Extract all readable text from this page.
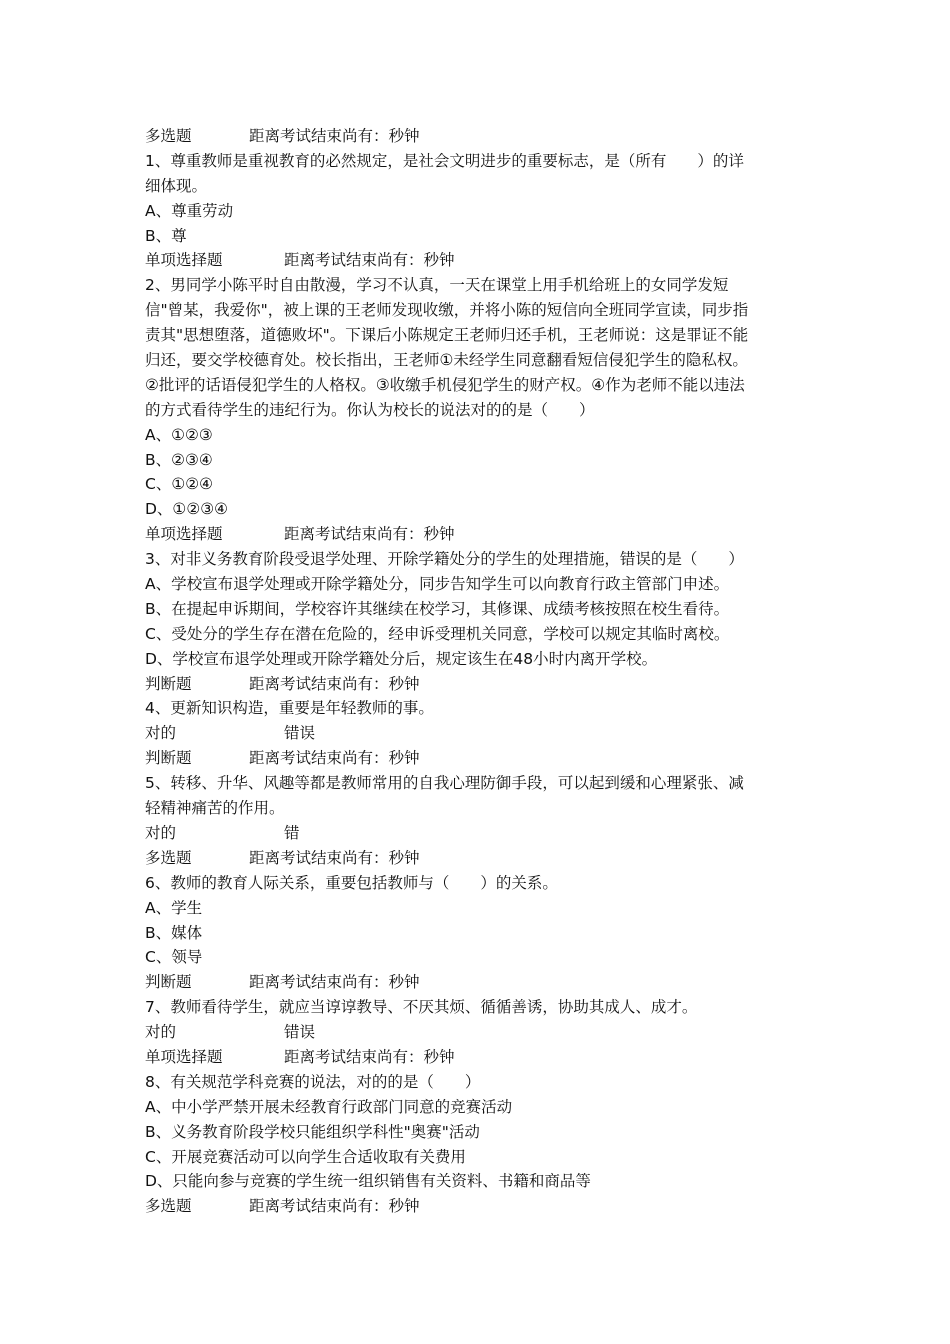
多选题	距离考试结束尚有：秒钟
1、尊重教师是重视教育的必然规定，是社会文明进步的重要标志，是（所有　　）的详
细体现。
A、尊重劳动
B、尊
单项选择题	距离考试结束尚有：秒钟
2、男同学小陈平时自由散漫，学习不认真，一天在课堂上用手机给班上的女同学发短
信"曾某，我爱你"，被上课的王老师发现收缴，并将小陈的短信向全班同学宣读，同步指
责其"思想堕落，道德败坏"。下课后小陈规定王老师归还手机，王老师说：这是罪证不能
归还，要交学校德育处。校长指出，王老师①未经学生同意翻看短信侵犯学生的隐私权。
②批评的话语侵犯学生的人格权。③收缴手机侵犯学生的财产权。④作为老师不能以违法
的方式看待学生的违纪行为。你认为校长的说法对的的是（　　）
A、①②③
B、②③④
C、①②④
D、①②③④
单项选择题	距离考试结束尚有：秒钟
3、对非义务教育阶段受退学处理、开除学籍处分的学生的处理措施，错误的是（　　）
A、学校宣布退学处理或开除学籍处分，同步告知学生可以向教育行政主管部门申述。
B、在提起申诉期间，学校容许其继续在校学习，其修课、成绩考核按照在校生看待。
C、受处分的学生存在潜在危险的，经申诉受理机关同意，学校可以规定其临时离校。
D、学校宣布退学处理或开除学籍处分后，规定该生在48小时内离开学校。
判断题	距离考试结束尚有：秒钟
4、更新知识构造，重要是年轻教师的事。
对的	错误
判断题	距离考试结束尚有：秒钟
5、转移、升华、风趣等都是教师常用的自我心理防御手段，可以起到缓和心理紧张、减
轻精神痛苦的作用。
对的	错
多选题	距离考试结束尚有：秒钟
6、教师的教育人际关系，重要包括教师与（　　）的关系。
A、学生
B、媒体
C、领导
判断题	距离考试结束尚有：秒钟
7、教师看待学生，就应当谆谆教导、不厌其烦、循循善诱，协助其成人、成才。
对的	错误
单项选择题	距离考试结束尚有：秒钟
8、有关规范学科竞赛的说法，对的的是（　　）
A、中小学严禁开展未经教育行政部门同意的竞赛活动
B、义务教育阶段学校只能组织学科性"奥赛"活动
C、开展竞赛活动可以向学生合适收取有关费用
D、只能向参与竞赛的学生统一组织销售有关资料、书籍和商品等
多选题	距离考试结束尚有：秒钟
